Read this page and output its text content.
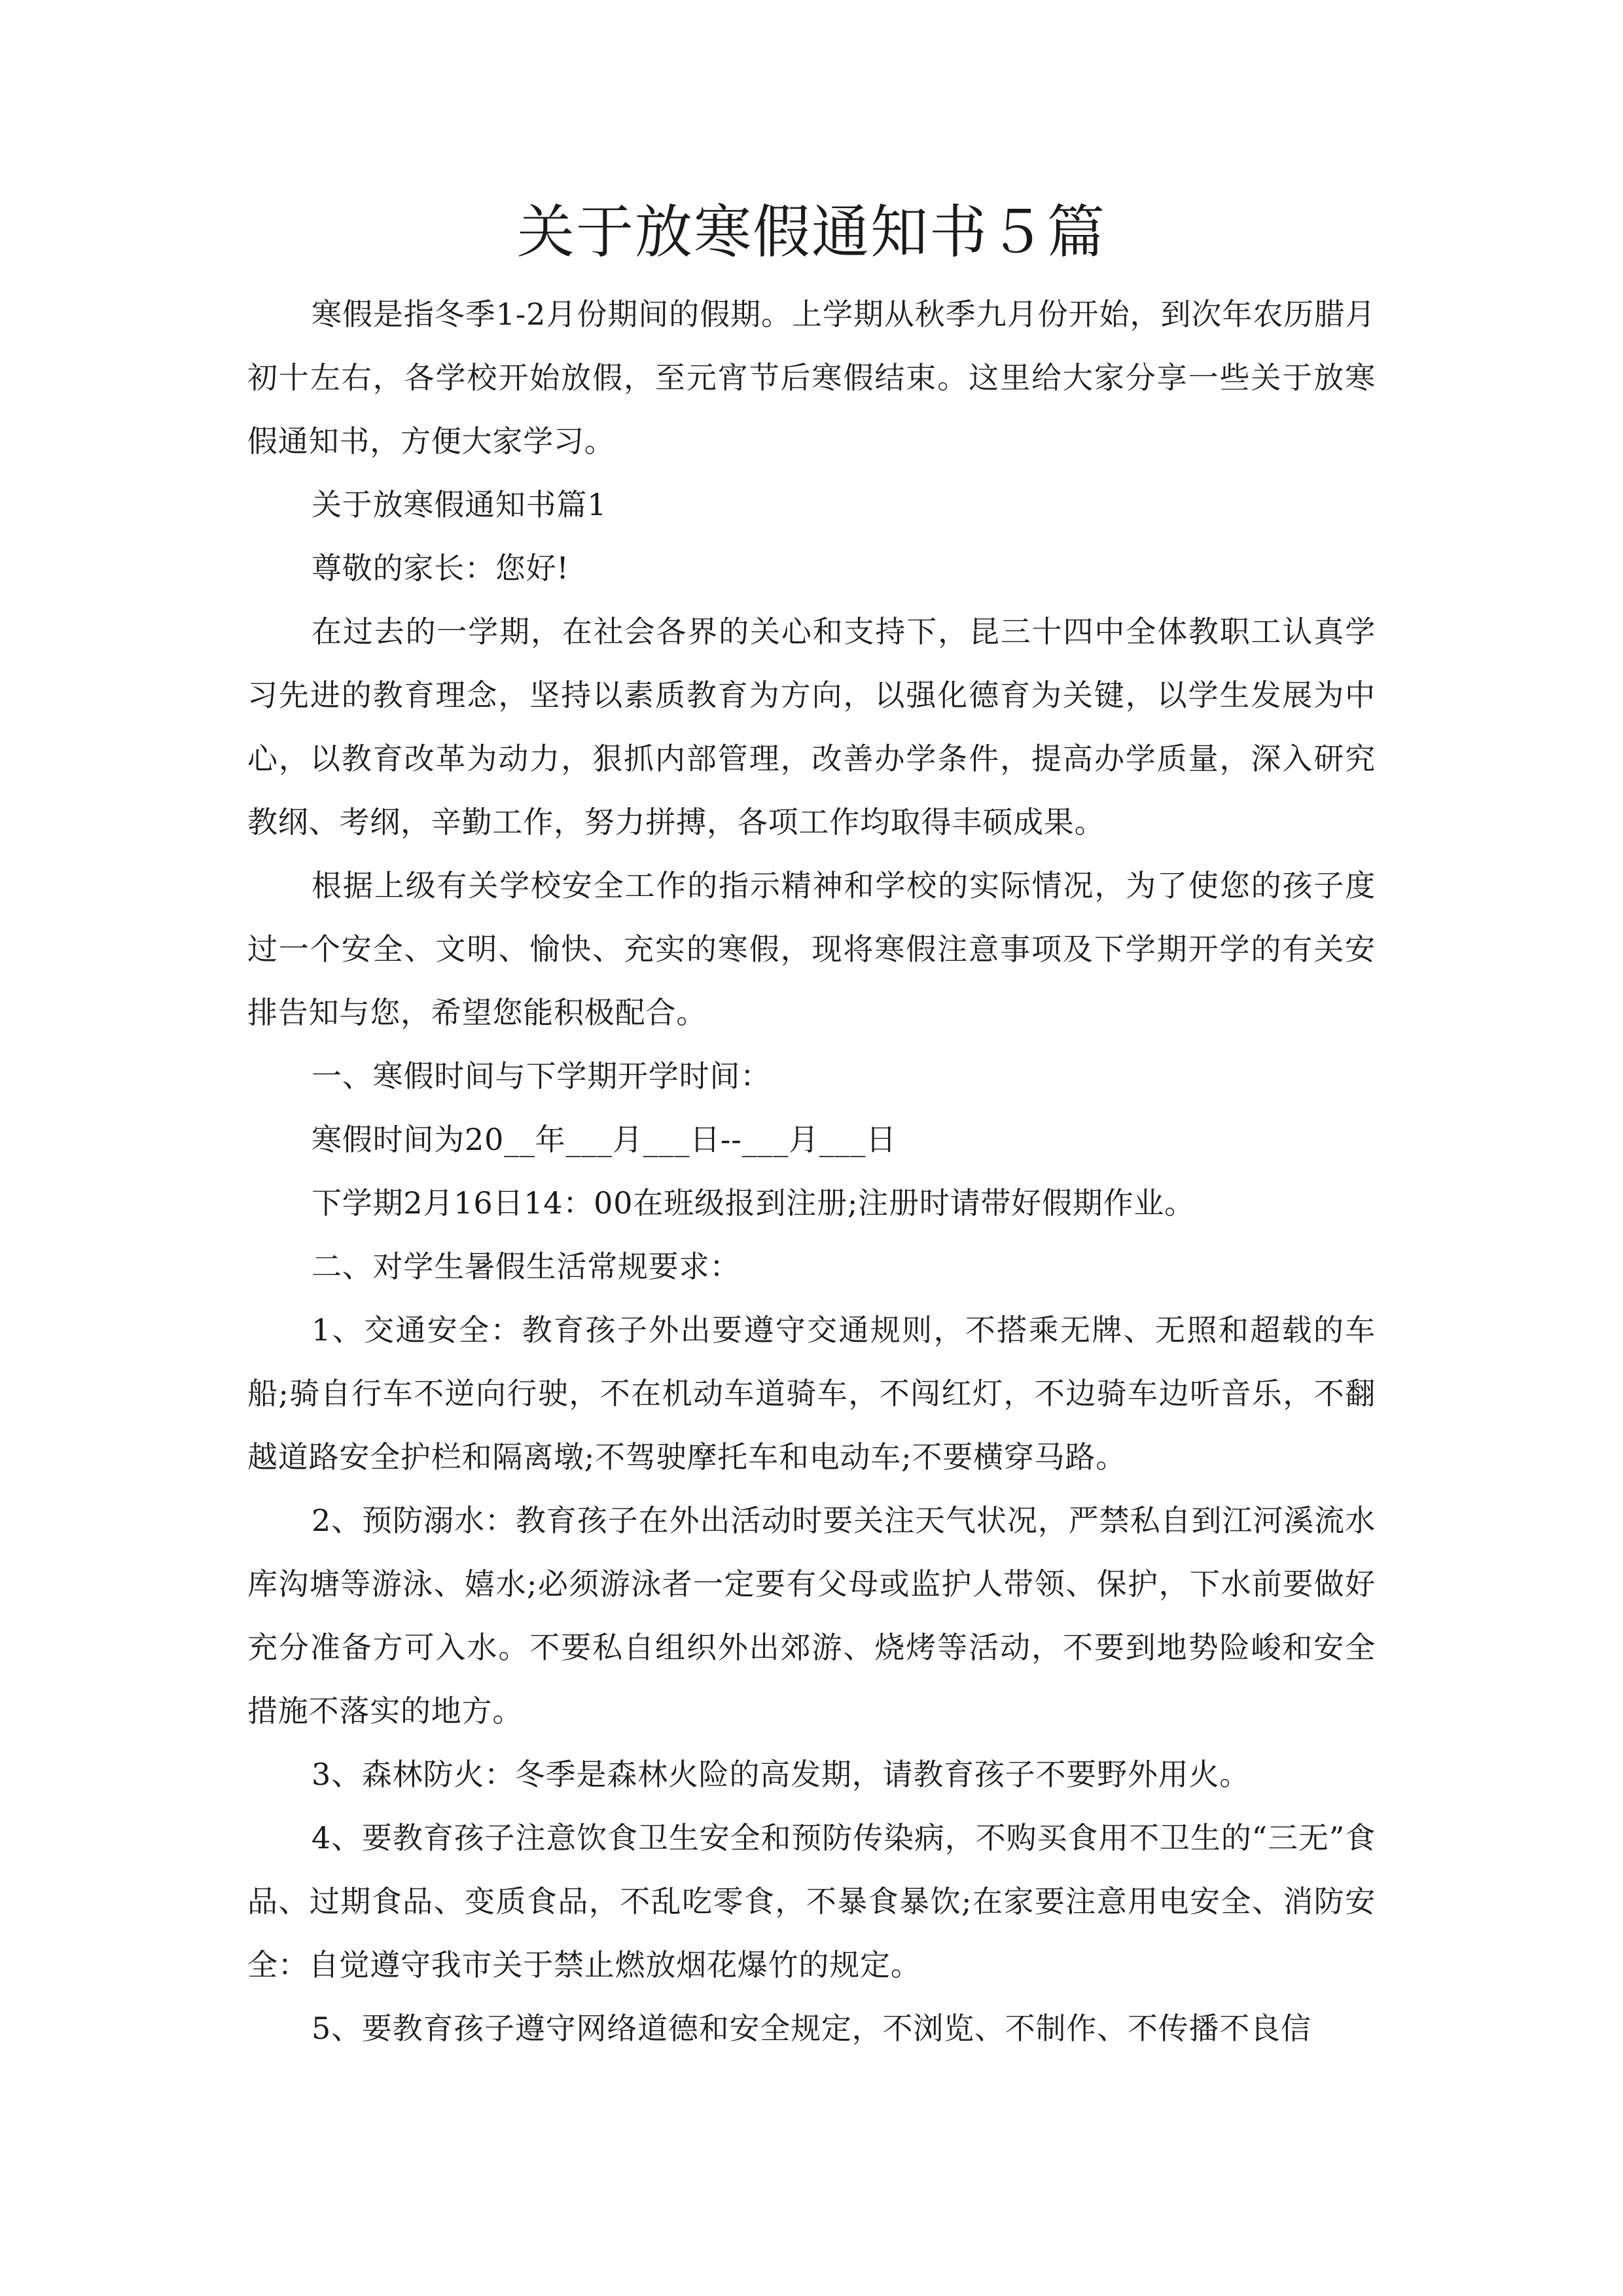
关于放寒假通知书５篇

寒假是指冬季1-2月份期间的假期。上学期从秋季九月份开始，到次年农历腊月初十左右，各学校开始放假，至元宵节后寒假结束。这里给大家分享一些关于放寒假通知书，方便大家学习。

关于放寒假通知书篇1

尊敬的家长：您好!

在过去的一学期，在社会各界的关心和支持下，昆三十四中全体教职工认真学习先进的教育理念，坚持以素质教育为方向，以强化德育为关键，以学生发展为中心，以教育改革为动力，狠抓内部管理，改善办学条件，提高办学质量，深入研究教纲、考纲，辛勤工作，努力拼搏，各项工作均取得丰硕成果。

根据上级有关学校安全工作的指示精神和学校的实际情况，为了使您的孩子度过一个安全、文明、愉快、充实的寒假，现将寒假注意事项及下学期开学的有关安排告知与您，希望您能积极配合。

一、寒假时间与下学期开学时间：

寒假时间为20__年___月___日--___月___日

下学期2月16日14：00在班级报到注册;注册时请带好假期作业。

二、对学生暑假生活常规要求：

1、交通安全：教育孩子外出要遵守交通规则，不搭乘无牌、无照和超载的车船;骑自行车不逆向行驶，不在机动车道骑车，不闯红灯，不边骑车边听音乐，不翻越道路安全护栏和隔离墩;不驾驶摩托车和电动车;不要横穿马路。

2、预防溺水：教育孩子在外出活动时要关注天气状况，严禁私自到江河溪流水库沟塘等游泳、嬉水;必须游泳者一定要有父母或监护人带领、保护，下水前要做好充分准备方可入水。不要私自组织外出郊游、烧烤等活动，不要到地势险峻和安全措施不落实的地方。

3、森林防火：冬季是森林火险的高发期，请教育孩子不要野外用火。

4、要教育孩子注意饮食卫生安全和预防传染病，不购买食用不卫生的“三无”食品、过期食品、变质食品，不乱吃零食，不暴食暴饮;在家要注意用电安全、消防安全：自觉遵守我市关于禁止燃放烟花爆竹的规定。

5、要教育孩子遵守网络道德和安全规定，不浏览、不制作、不传播不良信
